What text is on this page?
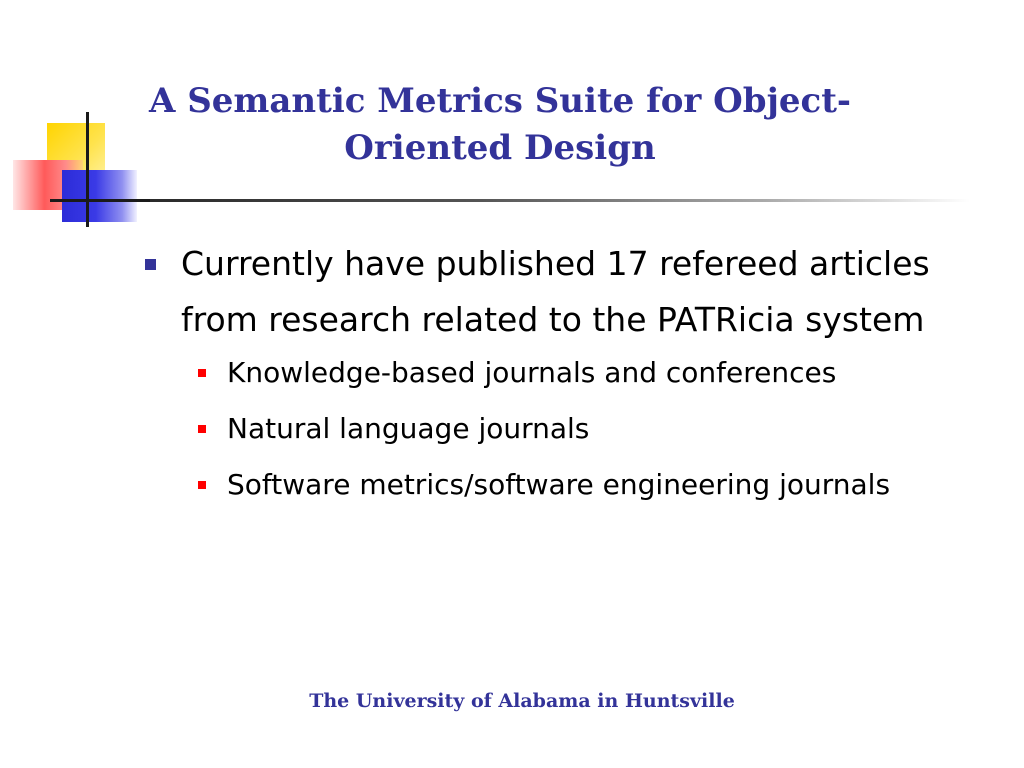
A Semantic Metrics Suite for Object-Oriented Design
Currently have published 17 refereed articles from research related to the PATRicia system
Knowledge-based journals and conferences
Natural language journals
Software metrics/software engineering journals
The University of Alabama in Huntsville
